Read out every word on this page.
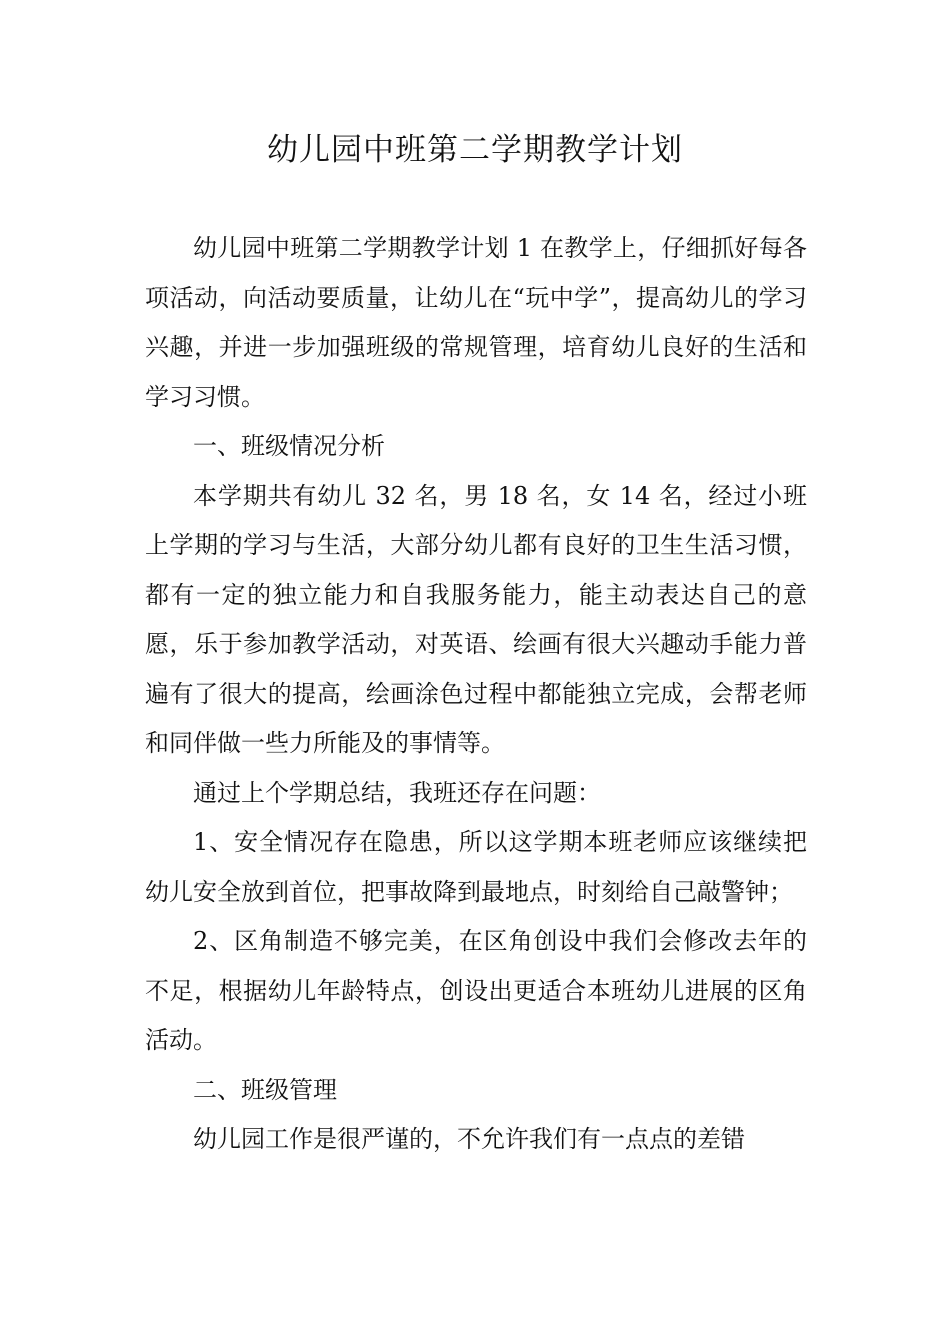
幼儿园中班第二学期教学计划

幼儿园中班第二学期教学计划 1 在教学上，仔细抓好每各项活动，向活动要质量，让幼儿在“玩中学”，提高幼儿的学习兴趣，并进一步加强班级的常规管理，培育幼儿良好的生活和学习习惯。

一、班级情况分析

本学期共有幼儿 32 名，男 18 名，女 14 名，经过小班上学期的学习与生活，大部分幼儿都有良好的卫生生活习惯，都有一定的独立能力和自我服务能力，能主动表达自己的意愿，乐于参加教学活动，对英语、绘画有很大兴趣动手能力普遍有了很大的提高，绘画涂色过程中都能独立完成，会帮老师和同伴做一些力所能及的事情等。

通过上个学期总结，我班还存在问题：

1、安全情况存在隐患，所以这学期本班老师应该继续把幼儿安全放到首位，把事故降到最地点，时刻给自己敲警钟；

2、区角制造不够完美，在区角创设中我们会修改去年的不足，根据幼儿年龄特点，创设出更适合本班幼儿进展的区角活动。

二、班级管理

幼儿园工作是很严谨的，不允许我们有一点点的差错
